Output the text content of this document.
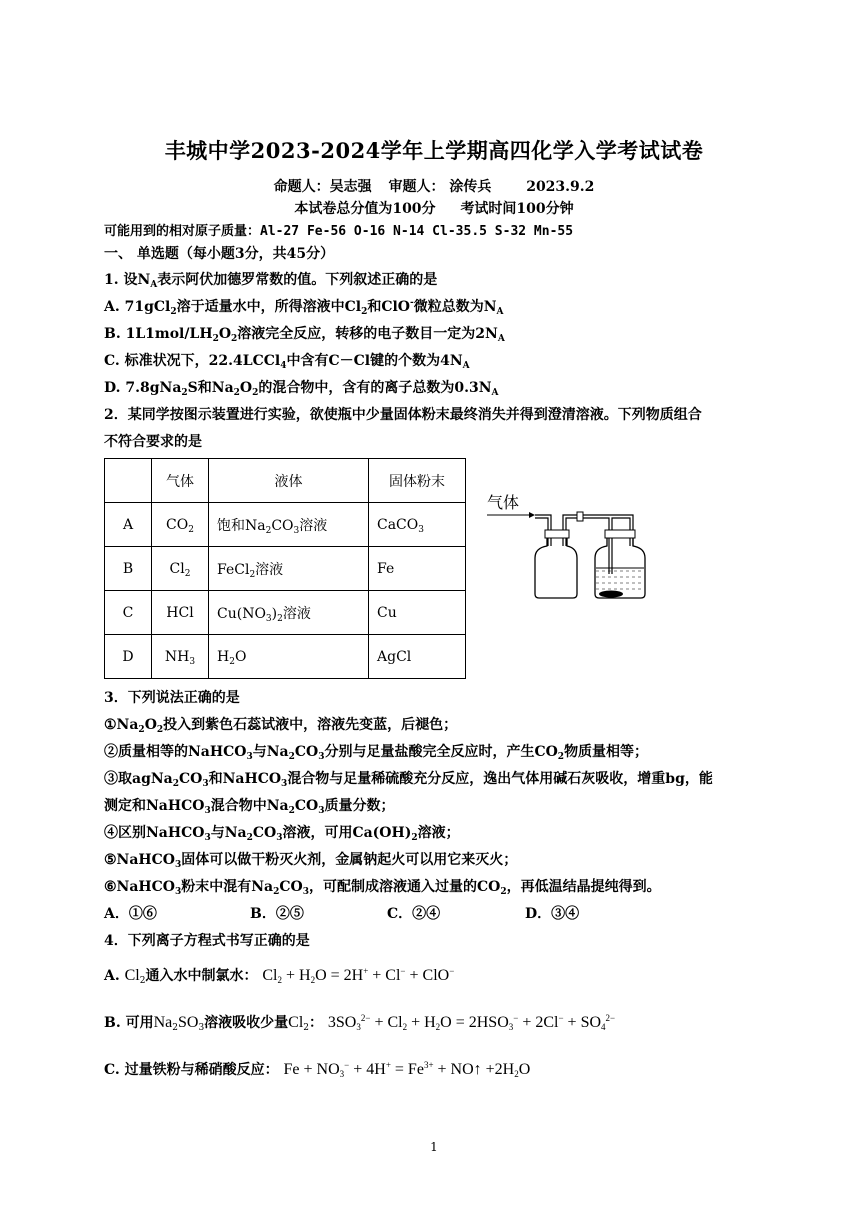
丰城中学2023-2024学年上学期高四化学入学考试试卷
命题人：吴志强 审题人： 涂传兵 2023.9.2
本试卷总分值为100分 考试时间100分钟
可能用到的相对原子质量：Al-27 Fe-56 O-16 N-14 Cl-35.5 S-32 Mn-55
一、 单选题（每小题3分，共45分）
1. 设$N_A$表示阿伏加德罗常数的值。下列叙述正确的是
A. 71gCl$_2$溶于适量水中，所得溶液中$Cl_2$和ClO-微粒总数为$N_A$
B. $1L1mol/LH_2O_2$溶液完全反应，转移的电子数目一定为$2N_A$
C. 标准状况下，22.4LCCl$_4$中含有C－Cl键的个数为$4N_A$
D. 7.8gNa$_2$S和$Na_2O_2$的混合物中，含有的离子总数为$0.3N_A$
2．某同学按图示装置进行实验，欲使瓶中少量固体粉末最终消失并得到澄清溶液。下列物质组合
不符合要求的是
	气体	液体	固体粉末
A	$CO_2$	饱和$Na_2CO_3$溶液	CaCO$_3$
B	$Cl_2$	FeCl$_2$溶液	Fe
C	HCl	$Cu(NO_3)_2$溶液	Cu
D	$NH_3$	$H_2O$	AgCl
气体
3．下列说法正确的是
$①Na_2O_2$投入到紫色石蕊试液中，溶液先变蓝，后褪色；
②质量相等的NaHCO$_3$与$Na_2CO_3$分别与足量盐酸完全反应时，产生$CO_2$物质量相等；
③取$agNa_2CO_3$和NaHCO$_3$混合物与足量稀硫酸充分反应，逸出气体用碱石灰吸收，增重bg，能
测定和NaHCO$_3$混合物中$Na_2CO_3$质量分数；
④区别NaHCO$_3$与$Na_2CO_3$溶液，可用$Ca(OH)_2$溶液；
⑤NaHCO$_3$固体可以做干粉灭火剂，金属钠起火可以用它来灭火；
⑥NaHCO$_3$粉末中混有$Na_2CO_3$，可配制成溶液通入过量的$CO_2$，再低温结晶提纯得到。
A．①⑥	B．②⑤	C．②④	D．③④
4．下列离子方程式书写正确的是
A. $Cl_2$通入水中制氯水： $Cl_2 + H_2O = 2H^+ + Cl^- + ClO^-$
B. 可用$Na_2SO_3$溶液吸收少量$Cl_2$： $3SO_3^{2-} + Cl_2 + H_2O = 2HSO_3^- + 2Cl^- + SO_4^{2-}$
C. 过量铁粉与稀硝酸反应： $Fe + NO_3^- + 4H^+ = Fe^{3+}$ + NO↑ $+2H_2O$
1
